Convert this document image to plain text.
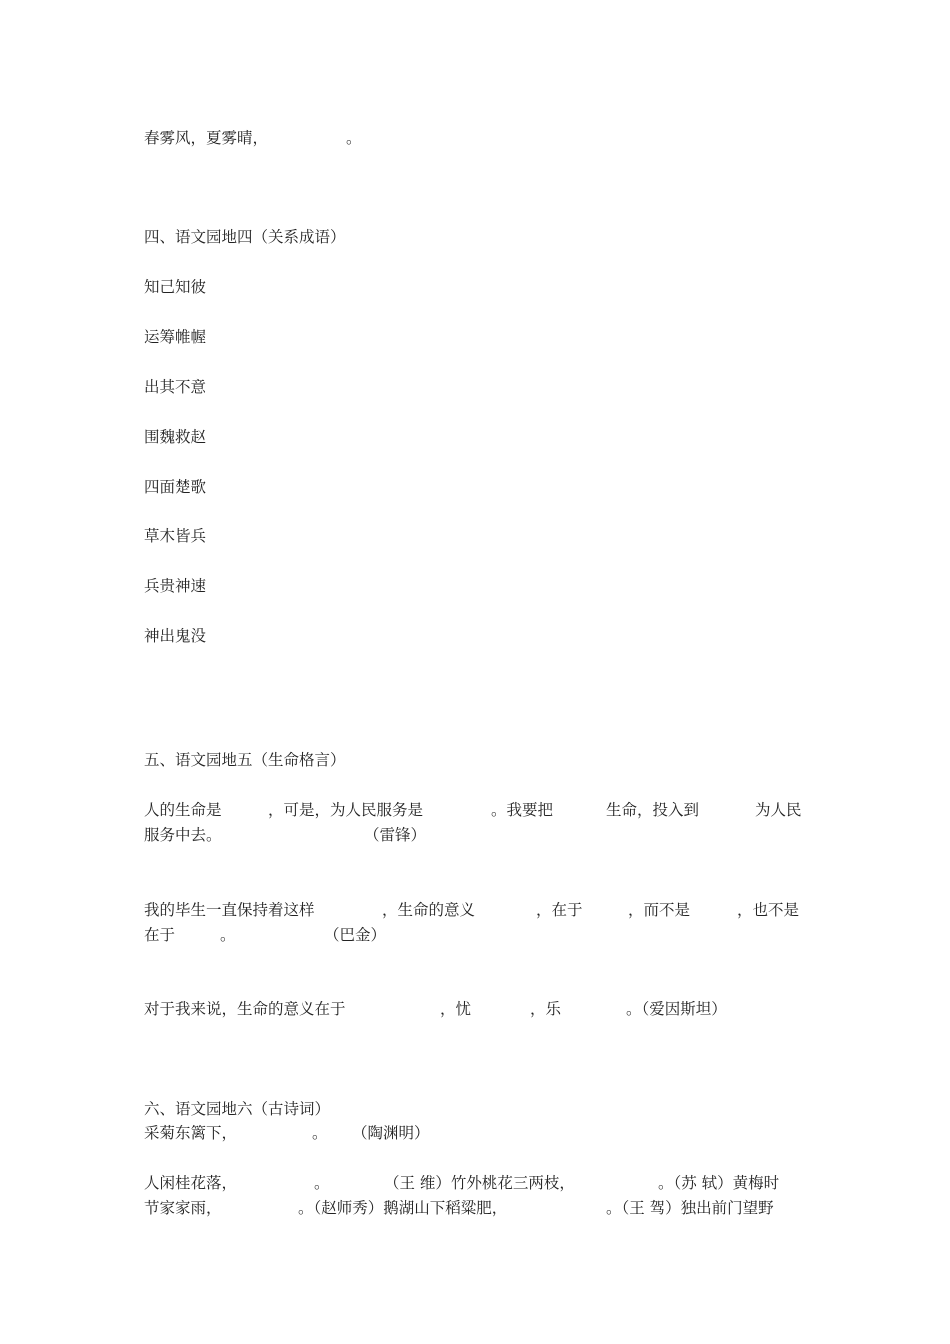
春雾风，夏雾晴，	。
四、语文园地四（关系成语）
知己知彼
运筹帷幄
出其不意
围魏救赵
四面楚歌
草木皆兵
兵贵神速
神出鬼没
五、语文园地五（生命格言）
人的生命是	，可是，为人民服务是	。我要把	生命，投入到	为人民
服务中去。	（雷锋）
我的毕生一直保持着这样	，生命的意义	，在于	，而不是	，也不是
在于	。	（巴金）
对于我来说，生命的意义在于	，忧	，乐	。（爱因斯坦）
六、语文园地六（古诗词）
采菊东篱下，	。 （陶渊明）
人闲桂花落，	。	（王 维）竹外桃花三两枝，	。（苏 轼）黄梅时
节家家雨，	。（赵师秀）鹅湖山下稻粱肥，	。（王 驾）独出前门望野
